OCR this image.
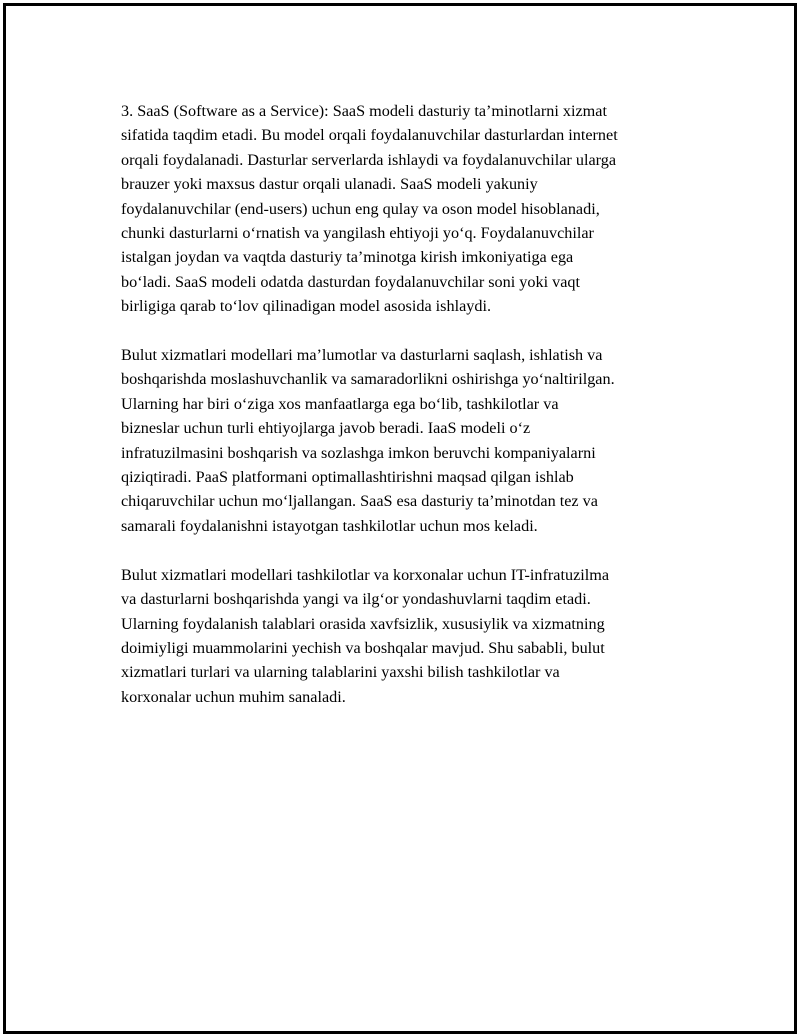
3. SaaS (Software as a Service): SaaS modeli dasturiy ta’minotlarni xizmat
sifatida taqdim etadi. Bu model orqali foydalanuvchilar dasturlardan internet
orqali foydalanadi. Dasturlar serverlarda ishlaydi va foydalanuvchilar ularga
brauzer yoki maxsus dastur orqali ulanadi. SaaS modeli yakuniy
foydalanuvchilar (end-users) uchun eng qulay va oson model hisoblanadi,
chunki dasturlarni o‘rnatish va yangilash ehtiyoji yo‘q. Foydalanuvchilar
istalgan joydan va vaqtda dasturiy ta’minotga kirish imkoniyatiga ega
bo‘ladi. SaaS modeli odatda dasturdan foydalanuvchilar soni yoki vaqt
birligiga qarab to‘lov qilinadigan model asosida ishlaydi.

Bulut xizmatlari modellari ma’lumotlar va dasturlarni saqlash, ishlatish va
boshqarishda moslashuvchanlik va samaradorlikni oshirishga yo‘naltirilgan.
Ularning har biri o‘ziga xos manfaatlarga ega bo‘lib, tashkilotlar va
bizneslar uchun turli ehtiyojlarga javob beradi. IaaS modeli o‘z
infratuzilmasini boshqarish va sozlashga imkon beruvchi kompaniyalarni
qiziqtiradi. PaaS platformani optimallashtirishni maqsad qilgan ishlab
chiqaruvchilar uchun mo‘ljallangan. SaaS esa dasturiy ta’minotdan tez va
samarali foydalanishni istayotgan tashkilotlar uchun mos keladi.

Bulut xizmatlari modellari tashkilotlar va korxonalar uchun IT-infratuzilma
va dasturlarni boshqarishda yangi va ilg‘or yondashuvlarni taqdim etadi.
Ularning foydalanish talablari orasida xavfsizlik, xususiylik va xizmatning
doimiyligi muammolarini yechish va boshqalar mavjud. Shu sababli, bulut
xizmatlari turlari va ularning talablarini yaxshi bilish tashkilotlar va
korxonalar uchun muhim sanaladi.
